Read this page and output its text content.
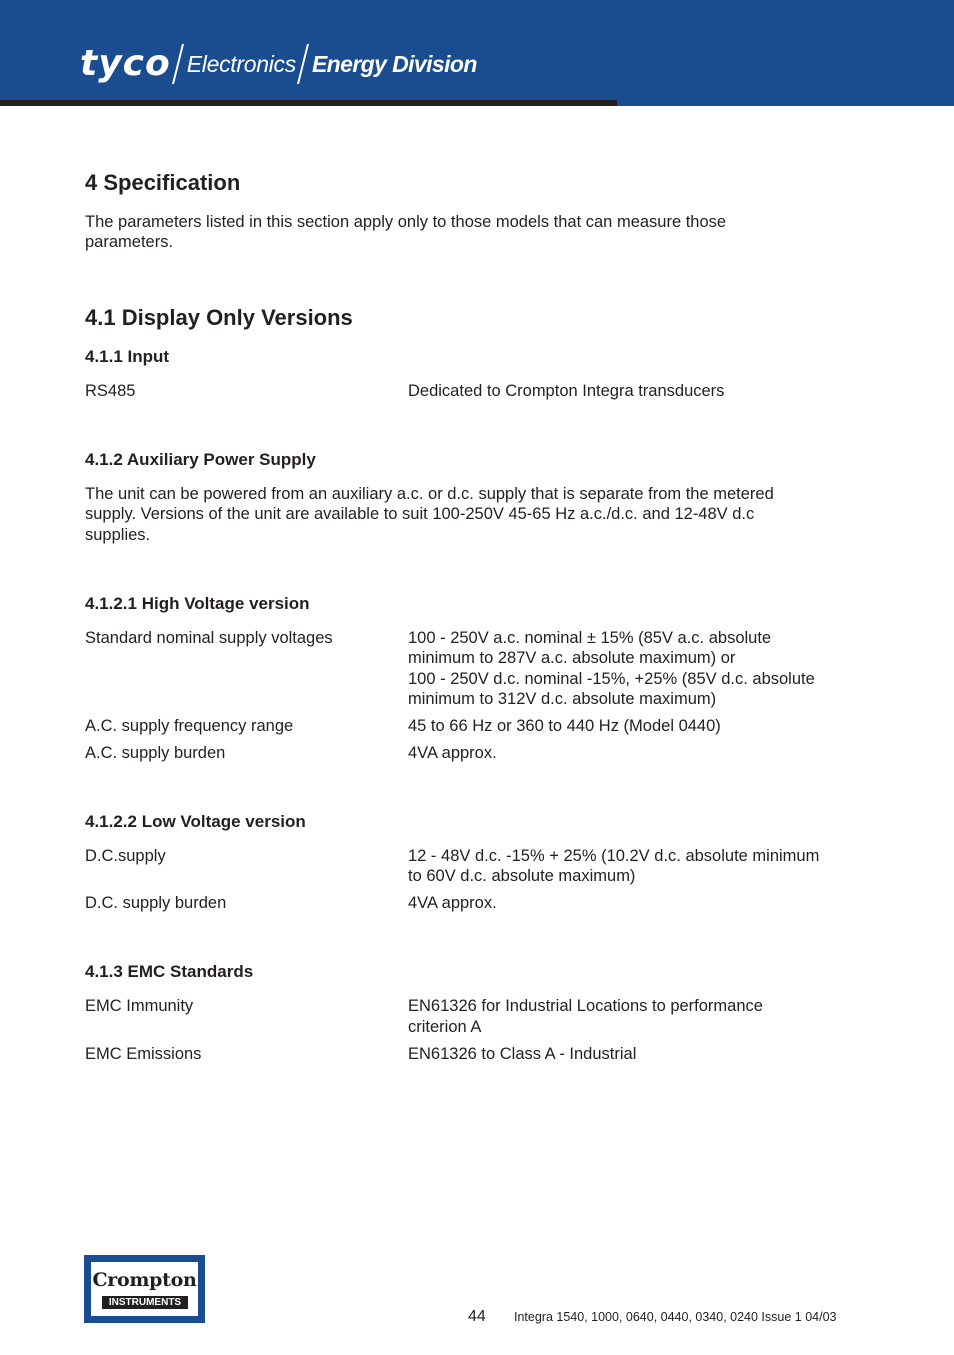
tyco Electronics Energy Division
4 Specification
The parameters listed in this section apply only to those models that can measure those
parameters.
4.1 Display Only Versions
4.1.1 Input
RS485	Dedicated to Crompton Integra transducers
4.1.2 Auxiliary Power Supply
The unit can be powered from an auxiliary a.c. or d.c. supply that is separate from the metered
supply. Versions of the unit are available to suit 100-250V 45-65 Hz a.c./d.c. and 12-48V d.c
supplies.
4.1.2.1 High Voltage version
Standard nominal supply voltages	100 - 250V a.c. nominal ± 15% (85V a.c. absolute
minimum to 287V a.c. absolute maximum) or
100 - 250V d.c. nominal -15%, +25% (85V d.c. absolute
minimum to 312V d.c. absolute maximum)
A.C. supply frequency range	45 to 66 Hz or 360 to 440 Hz (Model 0440)
A.C. supply burden	4VA approx.
4.1.2.2 Low Voltage version
D.C.supply	12 - 48V d.c. -15% + 25% (10.2V d.c. absolute minimum
to 60V d.c. absolute maximum)
D.C. supply burden	4VA approx.
4.1.3 EMC Standards
EMC Immunity	EN61326 for Industrial Locations to performance
criterion A
EMC Emissions	EN61326 to Class A - Industrial
Crompton
INSTRUMENTS
44 Integra 1540, 1000, 0640, 0440, 0340, 0240 Issue 1 04/03
